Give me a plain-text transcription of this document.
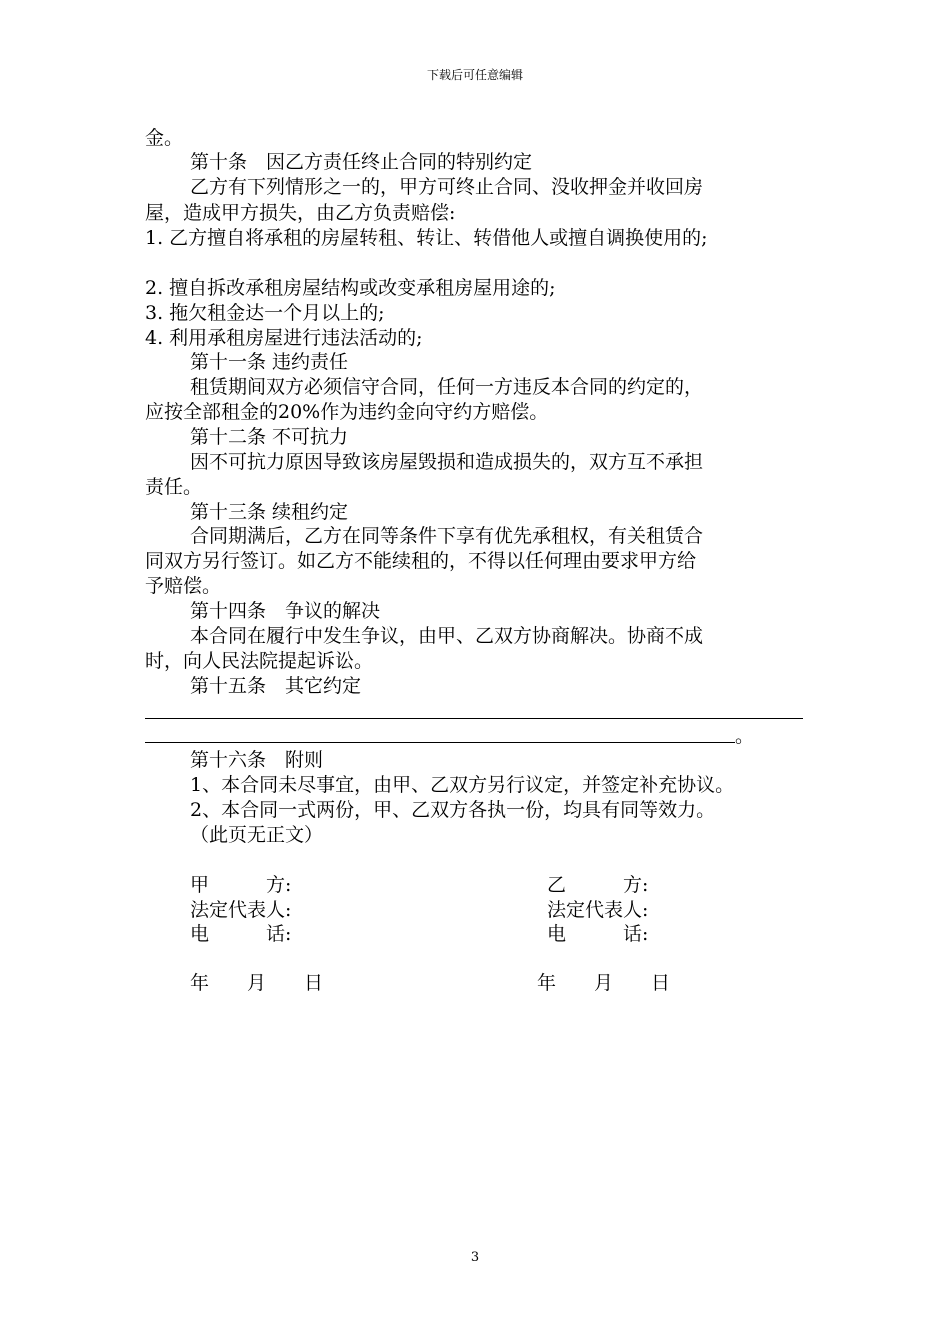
下载后可任意编辑
金。
第十条　因乙方责任终止合同的特别约定
乙方有下列情形之一的，甲方可终止合同、没收押金并收回房
屋，造成甲方损失，由乙方负责赔偿:
1. 乙方擅自将承租的房屋转租、转让、转借他人或擅自调换使用的;
2. 擅自拆改承租房屋结构或改变承租房屋用途的;
3. 拖欠租金达一个月以上的;
4. 利用承租房屋进行违法活动的;
第十一条 违约责任
租赁期间双方必须信守合同，任何一方违反本合同的约定的，
应按全部租金的20%作为违约金向守约方赔偿。
第十二条 不可抗力
因不可抗力原因导致该房屋毁损和造成损失的，双方互不承担
责任。
第十三条 续租约定
合同期满后，乙方在同等条件下享有优先承租权，有关租赁合
同双方另行签订。如乙方不能续租的，不得以任何理由要求甲方给
予赔偿。
第十四条　争议的解决
本合同在履行中发生争议，由甲、乙双方协商解决。协商不成
时，向人民法院提起诉讼。
第十五条　其它约定
。
第十六条　附则
1、本合同未尽事宜，由甲、乙双方另行议定，并签定补充协议。
2、本合同一式两份，甲、乙双方各执一份，均具有同等效力。
（此页无正文）
甲　　　方:	乙　　　方:
法定代表人:	法定代表人:
电　　　话:	电　　　话:
年　　月　　日	年　　月　　日
3
